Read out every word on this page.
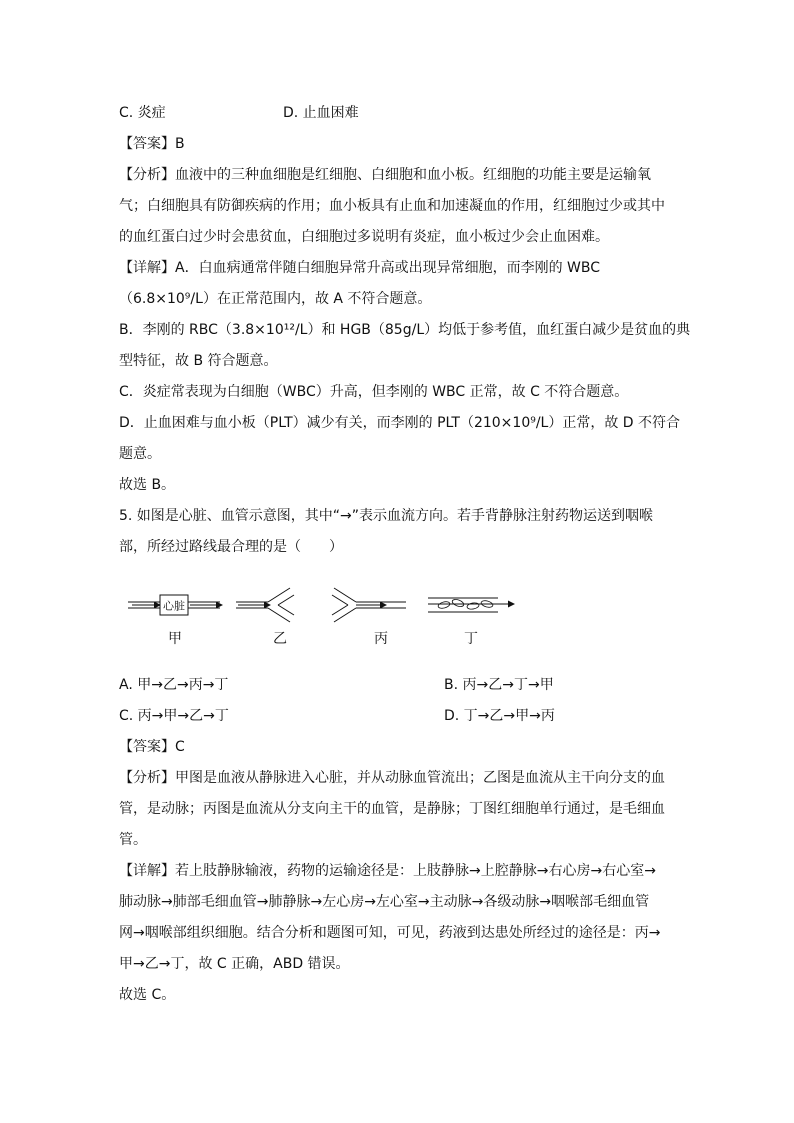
C. 炎症	D. 止血困难
【答案】B
【分析】血液中的三种血细胞是红细胞、白细胞和血小板。红细胞的功能主要是运输氧
气；白细胞具有防御疾病的作用；血小板具有止血和加速凝血的作用，红细胞过少或其中
的血红蛋白过少时会患贫血，白细胞过多说明有炎症，血小板过少会止血困难。
【详解】A．白血病通常伴随白细胞异常升高或出现异常细胞，而李刚的 WBC
（6.8×10⁹/L）在正常范围内，故 A 不符合题意。
B．李刚的 RBC（3.8×10¹²/L）和 HGB（85g/L）均低于参考值，血红蛋白减少是贫血的典
型特征，故 B 符合题意。
C．炎症常表现为白细胞（WBC）升高，但李刚的 WBC 正常，故 C 不符合题意。
D．止血困难与血小板（PLT）减少有关，而李刚的 PLT（210×10⁹/L）正常，故 D 不符合
题意。
故选 B。
5. 如图是心脏、血管示意图，其中“→”表示血流方向。若手背静脉注射药物运送到咽喉
部，所经过路线最合理的是（　　）
心脏
甲	乙	丙	丁
A. 甲→乙→丙→丁	B. 丙→乙→丁→甲
C. 丙→甲→乙→丁	D. 丁→乙→甲→丙
【答案】C
【分析】甲图是血液从静脉进入心脏，并从动脉血管流出；乙图是血流从主干向分支的血
管，是动脉；丙图是血流从分支向主干的血管，是静脉；丁图红细胞单行通过，是毛细血
管。
【详解】若上肢静脉输液，药物的运输途径是：上肢静脉→上腔静脉→右心房→右心室→
肺动脉→肺部毛细血管→肺静脉→左心房→左心室→主动脉→各级动脉→咽喉部毛细血管
网→咽喉部组织细胞。结合分析和题图可知，可见，药液到达患处所经过的途径是：丙→
甲→乙→丁，故 C 正确，ABD 错误。
故选 C。
